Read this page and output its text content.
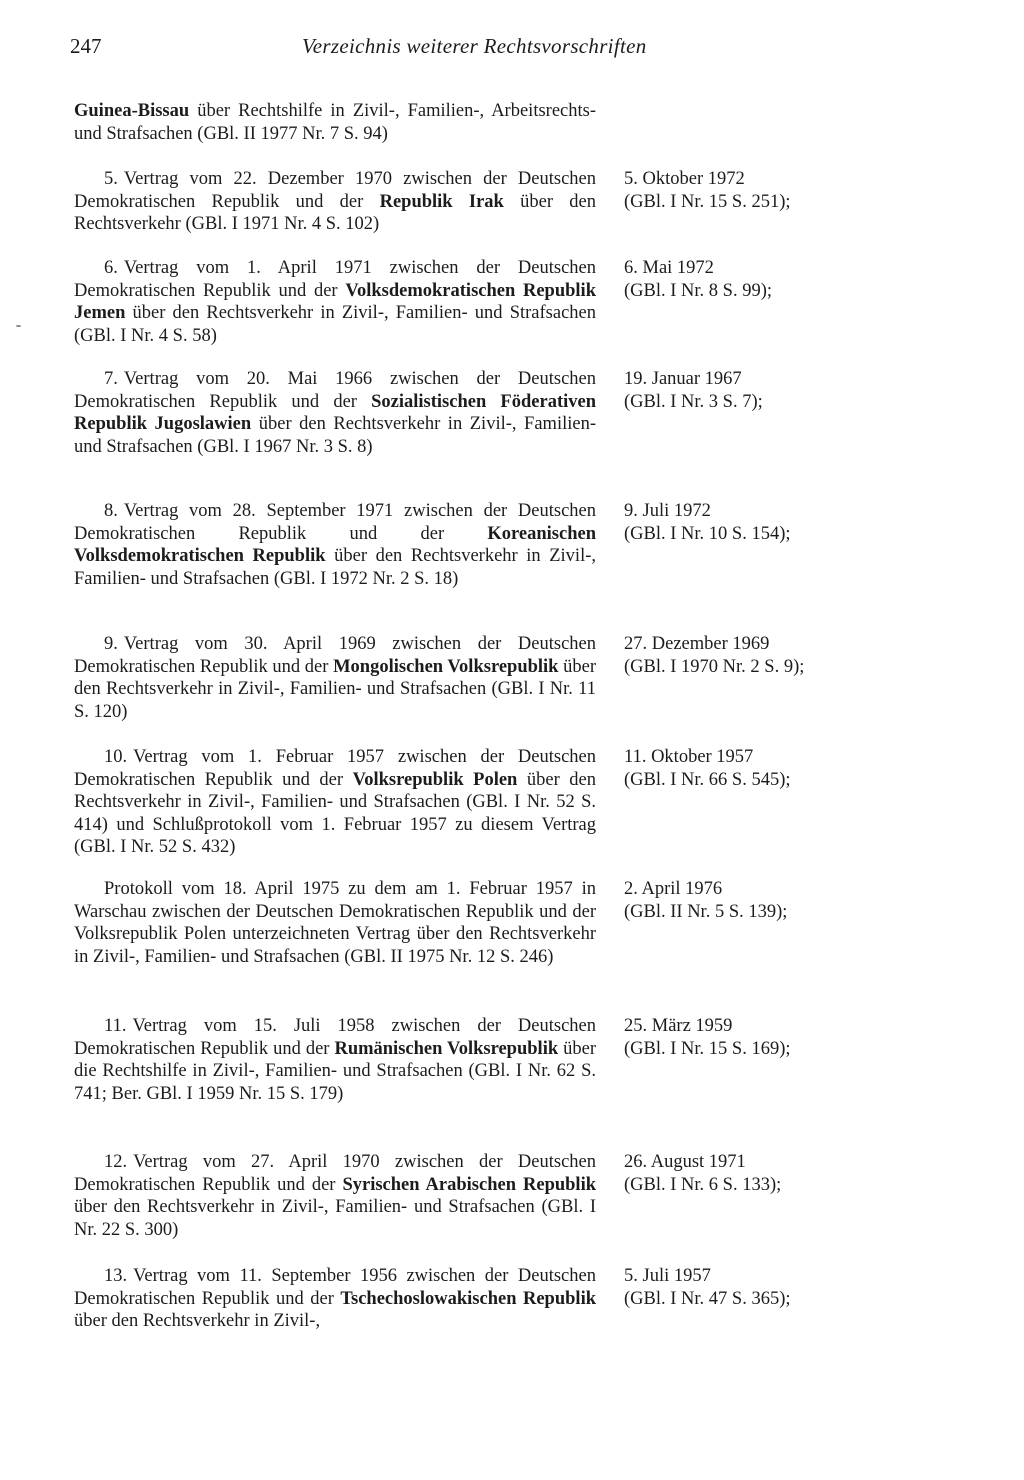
247	Verzeichnis weiterer Rechtsvorschriften
Guinea-Bissau über Rechtshilfe in Zivil-, Familien-, Arbeitsrechts- und Strafsachen (GBl. II 1977 Nr. 7 S. 94)
5. Vertrag vom 22. Dezember 1970 zwischen der Deutschen Demokratischen Republik und der Republik Irak über den Rechtsverkehr (GBl. I 1971 Nr. 4 S. 102)
5. Oktober 1972
(GBl. I Nr. 15 S. 251);
6. Vertrag vom 1. April 1971 zwischen der Deutschen Demokratischen Republik und der Volksdemokratischen Republik Jemen über den Rechtsverkehr in Zivil-, Familien- und Strafsachen (GBl. I Nr. 4 S. 58)
6. Mai 1972
(GBl. I Nr. 8 S. 99);
7. Vertrag vom 20. Mai 1966 zwischen der Deutschen Demokratischen Republik und der Sozialistischen Föderativen Republik Jugoslawien über den Rechtsverkehr in Zivil-, Familien- und Strafsachen (GBl. I 1967 Nr. 3 S. 8)
19. Januar 1967
(GBl. I Nr. 3 S. 7);
8. Vertrag vom 28. September 1971 zwischen der Deutschen Demokratischen Republik und der Koreanischen Volksdemokratischen Republik über den Rechtsverkehr in Zivil-, Familien- und Strafsachen (GBl. I 1972 Nr. 2 S. 18)
9. Juli 1972
(GBl. I Nr. 10 S. 154);
9. Vertrag vom 30. April 1969 zwischen der Deutschen Demokratischen Republik und der Mongolischen Volksrepublik über den Rechtsverkehr in Zivil-, Familien- und Strafsachen (GBl. I Nr. 11 S. 120)
27. Dezember 1969
(GBl. I 1970 Nr. 2 S. 9);
10. Vertrag vom 1. Februar 1957 zwischen der Deutschen Demokratischen Republik und der Volksrepublik Polen über den Rechtsverkehr in Zivil-, Familien- und Strafsachen (GBl. I Nr. 52 S. 414) und Schlußprotokoll vom 1. Februar 1957 zu diesem Vertrag (GBl. I Nr. 52 S. 432)
11. Oktober 1957
(GBl. I Nr. 66 S. 545);
Protokoll vom 18. April 1975 zu dem am 1. Februar 1957 in Warschau zwischen der Deutschen Demokratischen Republik und der Volksrepublik Polen unterzeichneten Vertrag über den Rechtsverkehr in Zivil-, Familien- und Strafsachen (GBl. II 1975 Nr. 12 S. 246)
2. April 1976
(GBl. II Nr. 5 S. 139);
11. Vertrag vom 15. Juli 1958 zwischen der Deutschen Demokratischen Republik und der Rumänischen Volksrepublik über die Rechtshilfe in Zivil-, Familien- und Strafsachen (GBl. I Nr. 62 S. 741; Ber. GBl. I 1959 Nr. 15 S. 179)
25. März 1959
(GBl. I Nr. 15 S. 169);
12. Vertrag vom 27. April 1970 zwischen der Deutschen Demokratischen Republik und der Syrischen Arabischen Republik über den Rechtsverkehr in Zivil-, Familien- und Strafsachen (GBl. I Nr. 22 S. 300)
26. August 1971
(GBl. I Nr. 6 S. 133);
13. Vertrag vom 11. September 1956 zwischen der Deutschen Demokratischen Republik und der Tschechoslowakischen Republik über den Rechtsverkehr in Zivil-,
5. Juli 1957
(GBl. I Nr. 47 S. 365);
